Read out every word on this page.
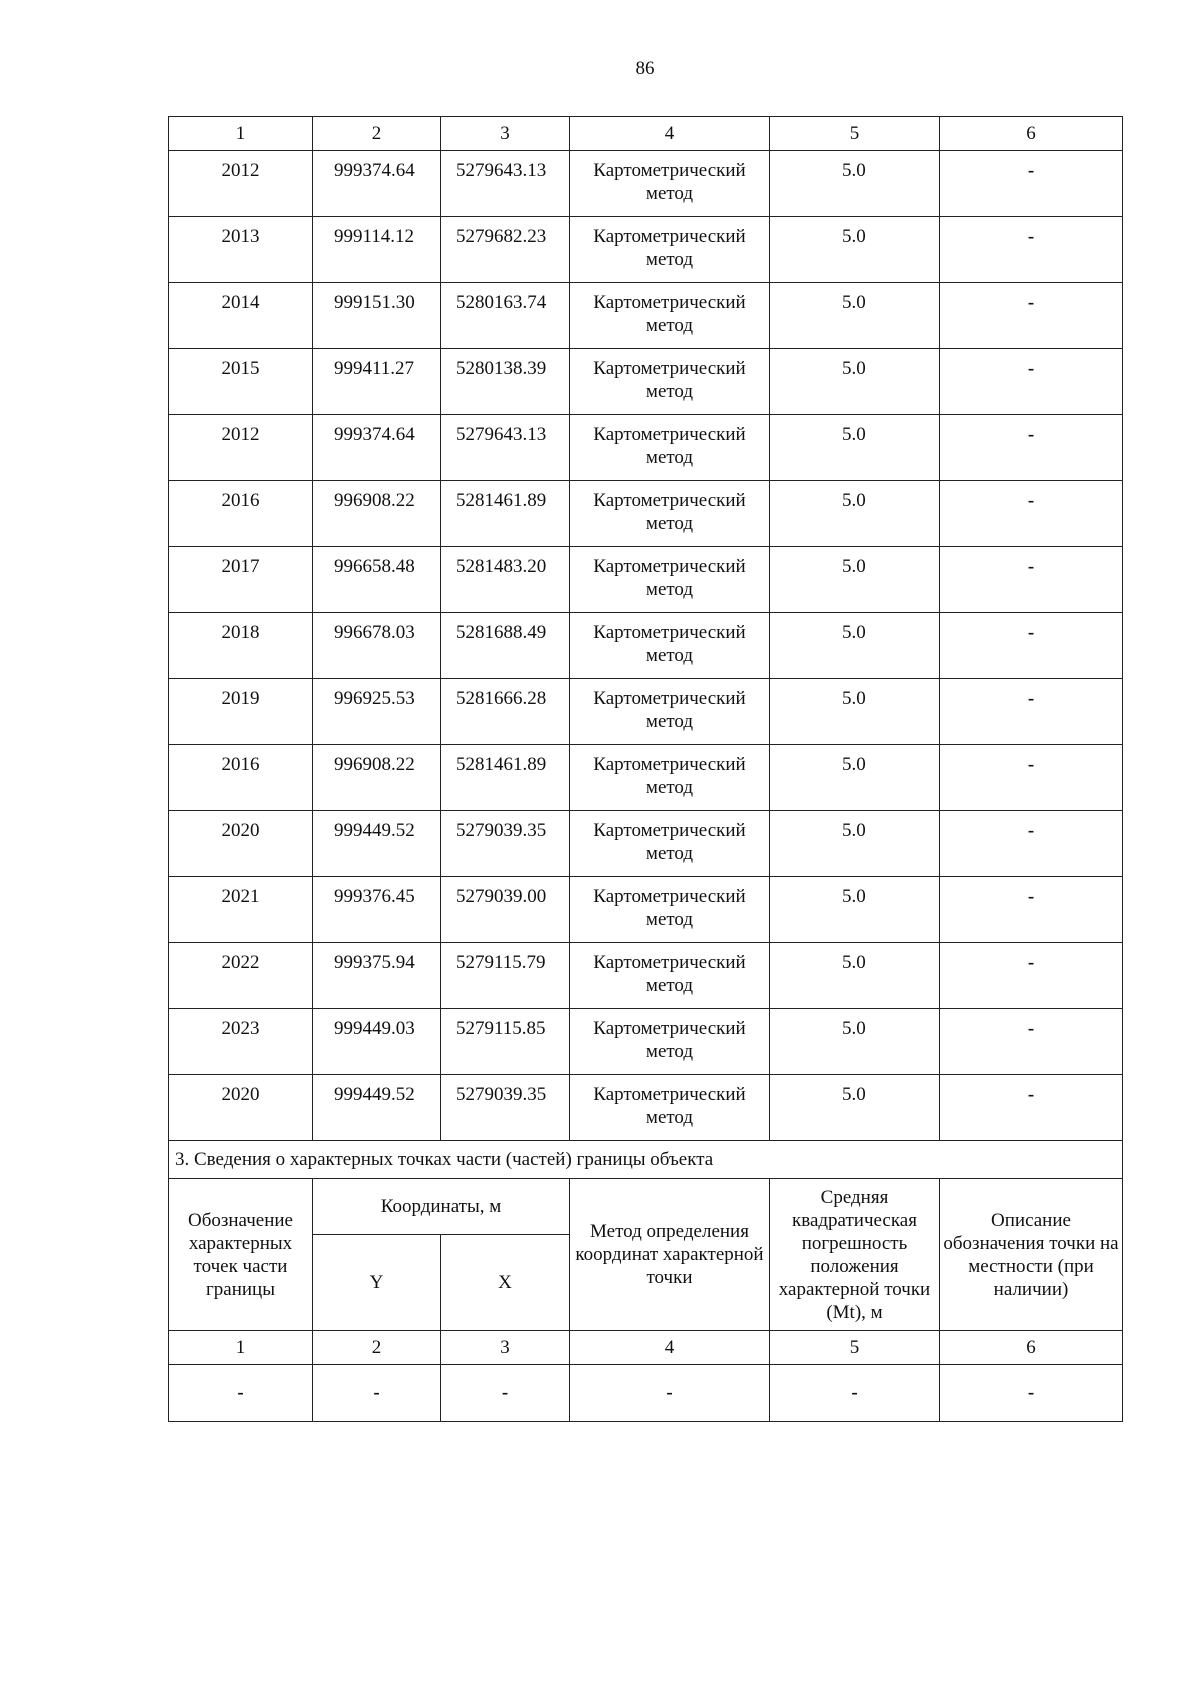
86
1	2	3	4	5	6
2012	999374.64	5279643.13	Картометрический метод	5.0	-
2013	999114.12	5279682.23	Картометрический метод	5.0	-
2014	999151.30	5280163.74	Картометрический метод	5.0	-
2015	999411.27	5280138.39	Картометрический метод	5.0	-
2012	999374.64	5279643.13	Картометрический метод	5.0	-
2016	996908.22	5281461.89	Картометрический метод	5.0	-
2017	996658.48	5281483.20	Картометрический метод	5.0	-
2018	996678.03	5281688.49	Картометрический метод	5.0	-
2019	996925.53	5281666.28	Картометрический метод	5.0	-
2016	996908.22	5281461.89	Картометрический метод	5.0	-
2020	999449.52	5279039.35	Картометрический метод	5.0	-
2021	999376.45	5279039.00	Картометрический метод	5.0	-
2022	999375.94	5279115.79	Картометрический метод	5.0	-
2023	999449.03	5279115.85	Картометрический метод	5.0	-
2020	999449.52	5279039.35	Картометрический метод	5.0	-
3. Сведения о характерных точках части (частей) границы объекта					
Обозначение характерных точек части границы	Координаты, м		Метод определения координат характерной точки	Средняя квадратическая погрешность положения характерной точки (Mt), м	Описание обозначения точки на местности (при наличии)
	Y	X			
1	2	3	4	5	6
-	-	-	-	-	-
